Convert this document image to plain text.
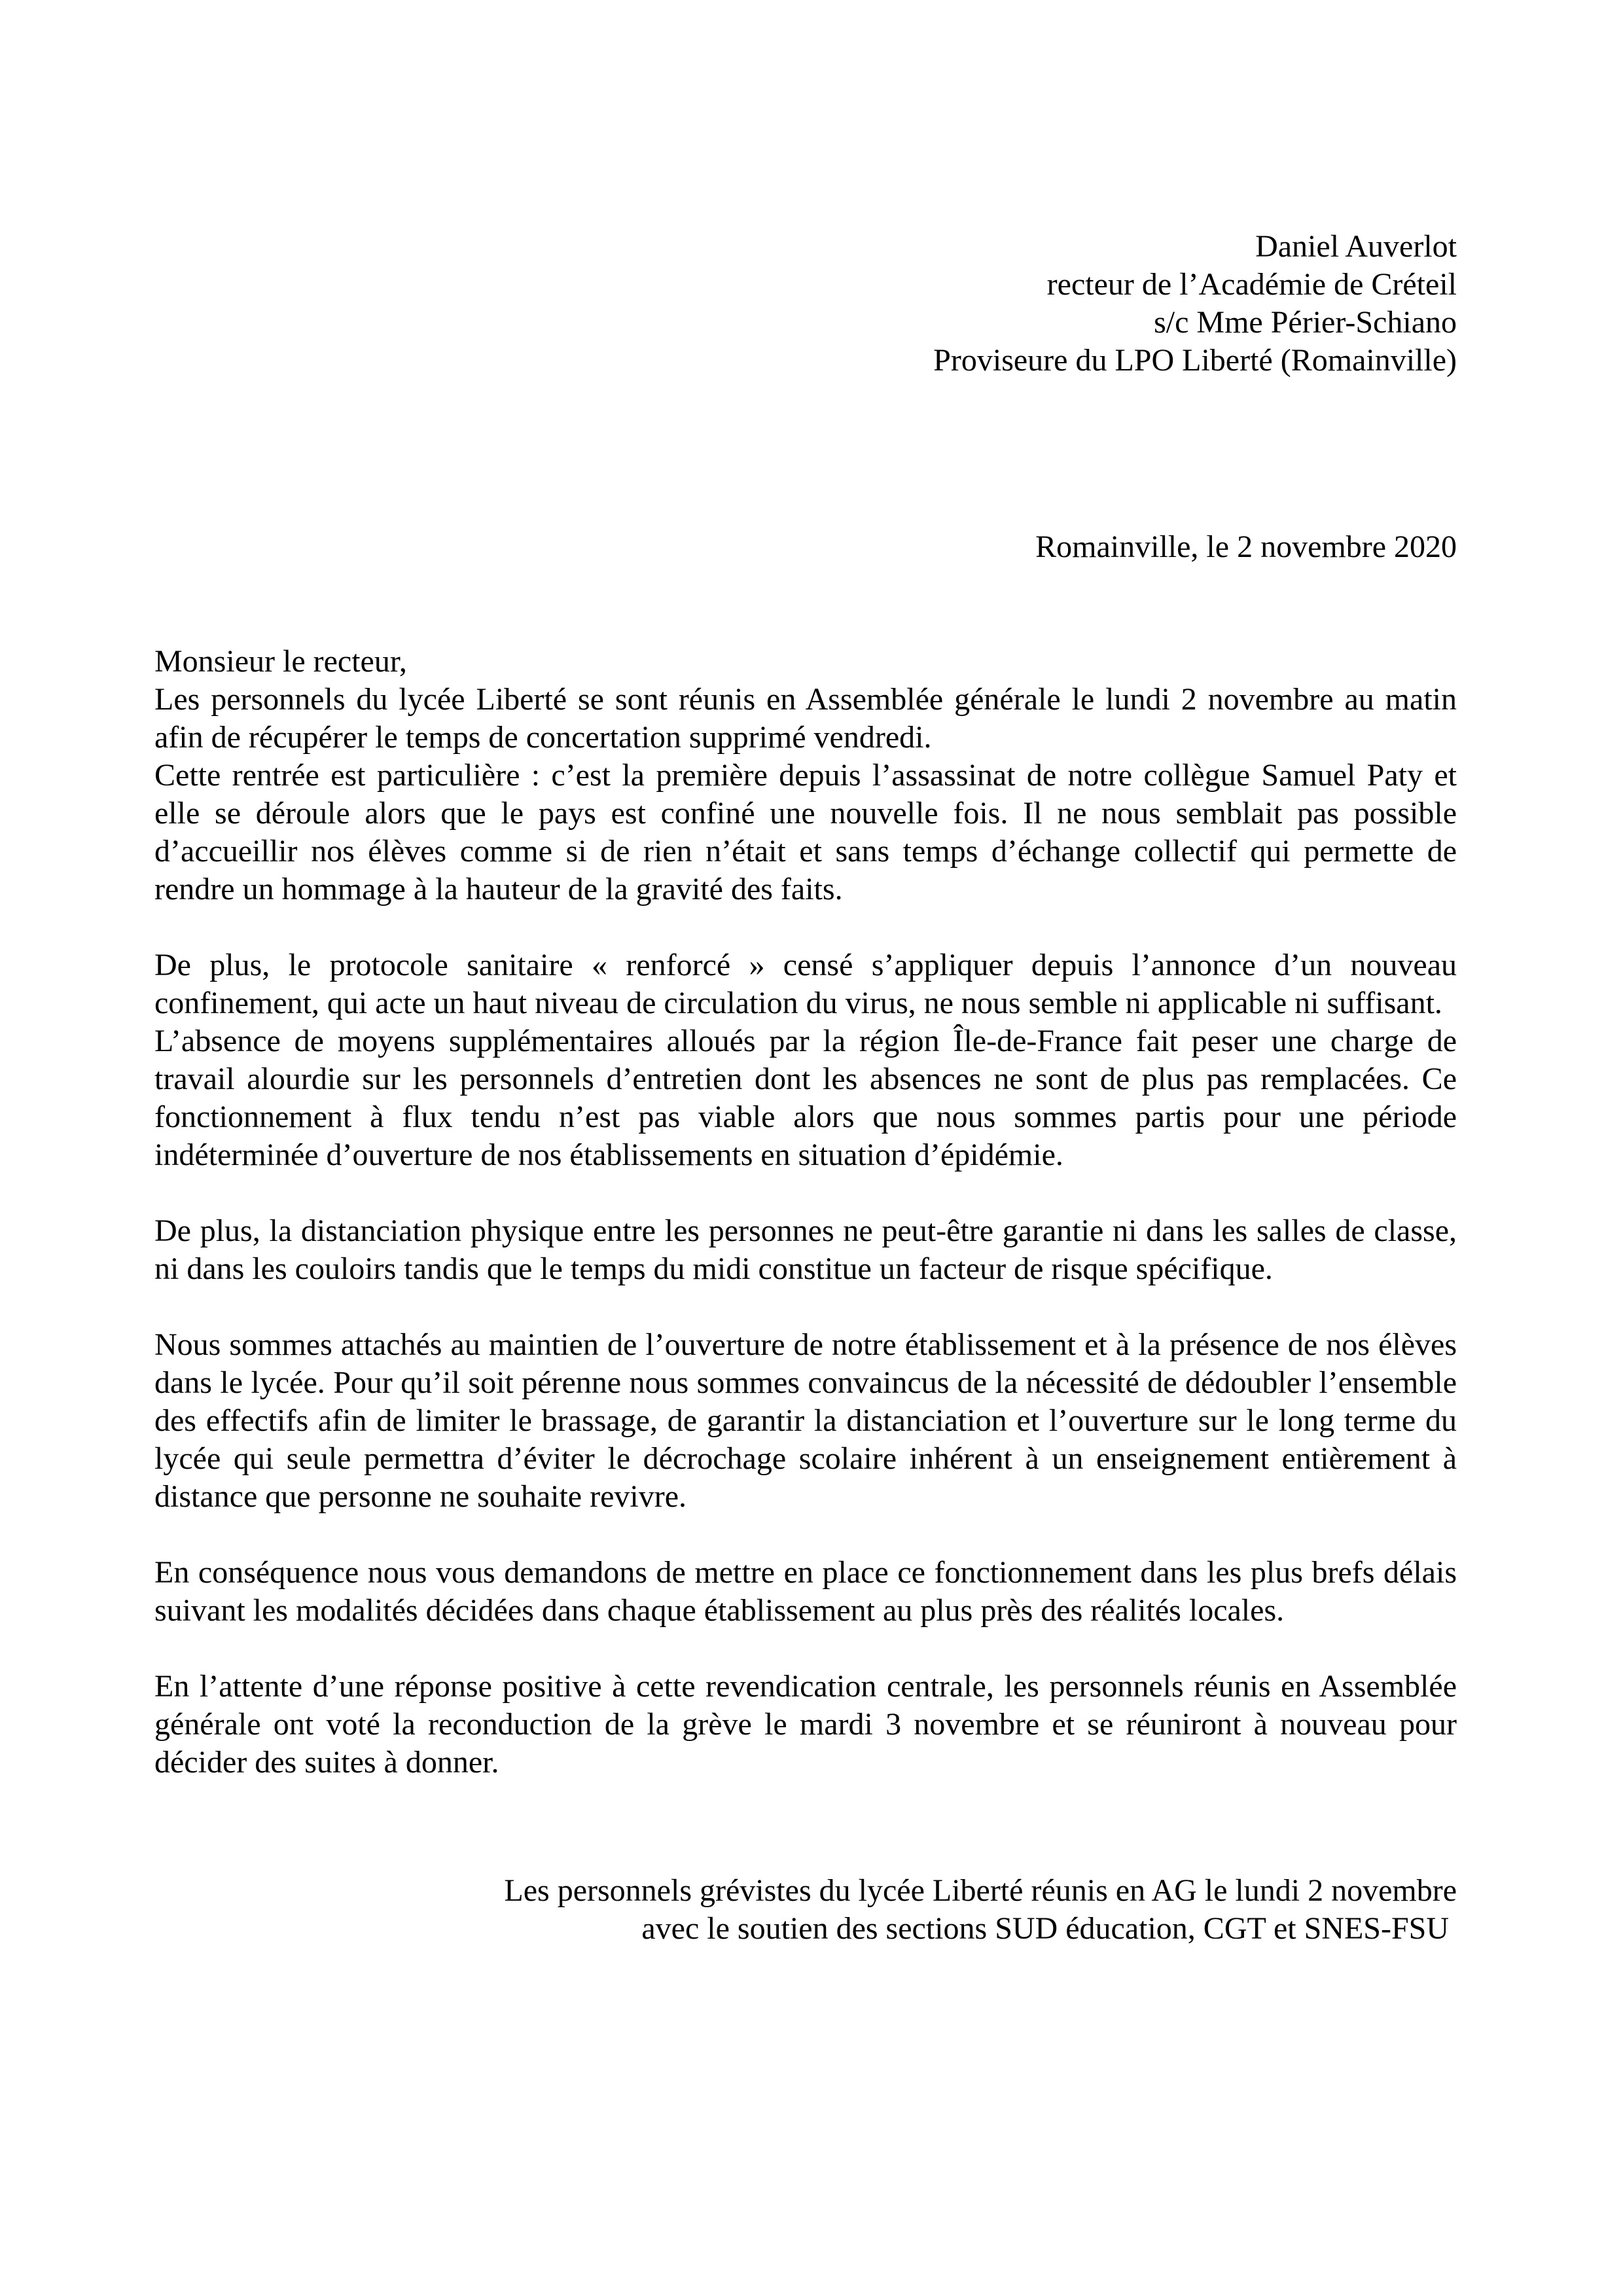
Daniel Auverlot
recteur de l’Académie de Créteil
s/c Mme Périer-Schiano
Proviseure du LPO Liberté (Romainville)
Romainville, le 2 novembre 2020

Monsieur le recteur,

Les personnels du lycée Liberté se sont réunis en Assemblée générale le lundi 2 novembre au matin afin de récupérer le temps de concertation supprimé vendredi.

Cette rentrée est particulière : c’est la première depuis l’assassinat de notre collègue Samuel Paty et elle se déroule alors que le pays est confiné une nouvelle fois. Il ne nous semblait pas possible d’accueillir nos élèves comme si de rien n’était et sans temps d’échange collectif qui permette de rendre un hommage à la hauteur de la gravité des faits.

De plus, le protocole sanitaire « renforcé » censé s’appliquer depuis l’annonce d’un nouveau confinement, qui acte un haut niveau de circulation du virus, ne nous semble ni applicable ni suffisant.

L’absence de moyens supplémentaires alloués par la région Île-de-France fait peser une charge de travail alourdie sur les personnels d’entretien dont les absences ne sont de plus pas remplacées. Ce fonctionnement à flux tendu n’est pas viable alors que nous sommes partis pour une période indéterminée d’ouverture de nos établissements en situation d’épidémie.

De plus, la distanciation physique entre les personnes ne peut-être garantie ni dans les salles de classe, ni dans les couloirs tandis que le temps du midi constitue un facteur de risque spécifique.

Nous sommes attachés au maintien de l’ouverture de notre établissement et à la présence de nos élèves dans le lycée. Pour qu’il soit pérenne nous sommes convaincus de la nécessité de dédoubler l’ensemble des effectifs afin de limiter le brassage, de garantir la distanciation et l’ouverture sur le long terme du lycée qui seule permettra d’éviter le décrochage scolaire inhérent à un enseignement entièrement à distance que personne ne souhaite revivre.

En conséquence nous vous demandons de mettre en place ce fonctionnement dans les plus brefs délais suivant les modalités décidées dans chaque établissement au plus près des réalités locales.

En l’attente d’une réponse positive à cette revendication centrale, les personnels réunis en Assemblée générale ont voté la reconduction de la grève le mardi 3 novembre et se réuniront à nouveau pour décider des suites à donner.

Les personnels grévistes du lycée Liberté réunis en AG le lundi 2 novembre
avec le soutien des sections SUD éducation, CGT et SNES-FSU
